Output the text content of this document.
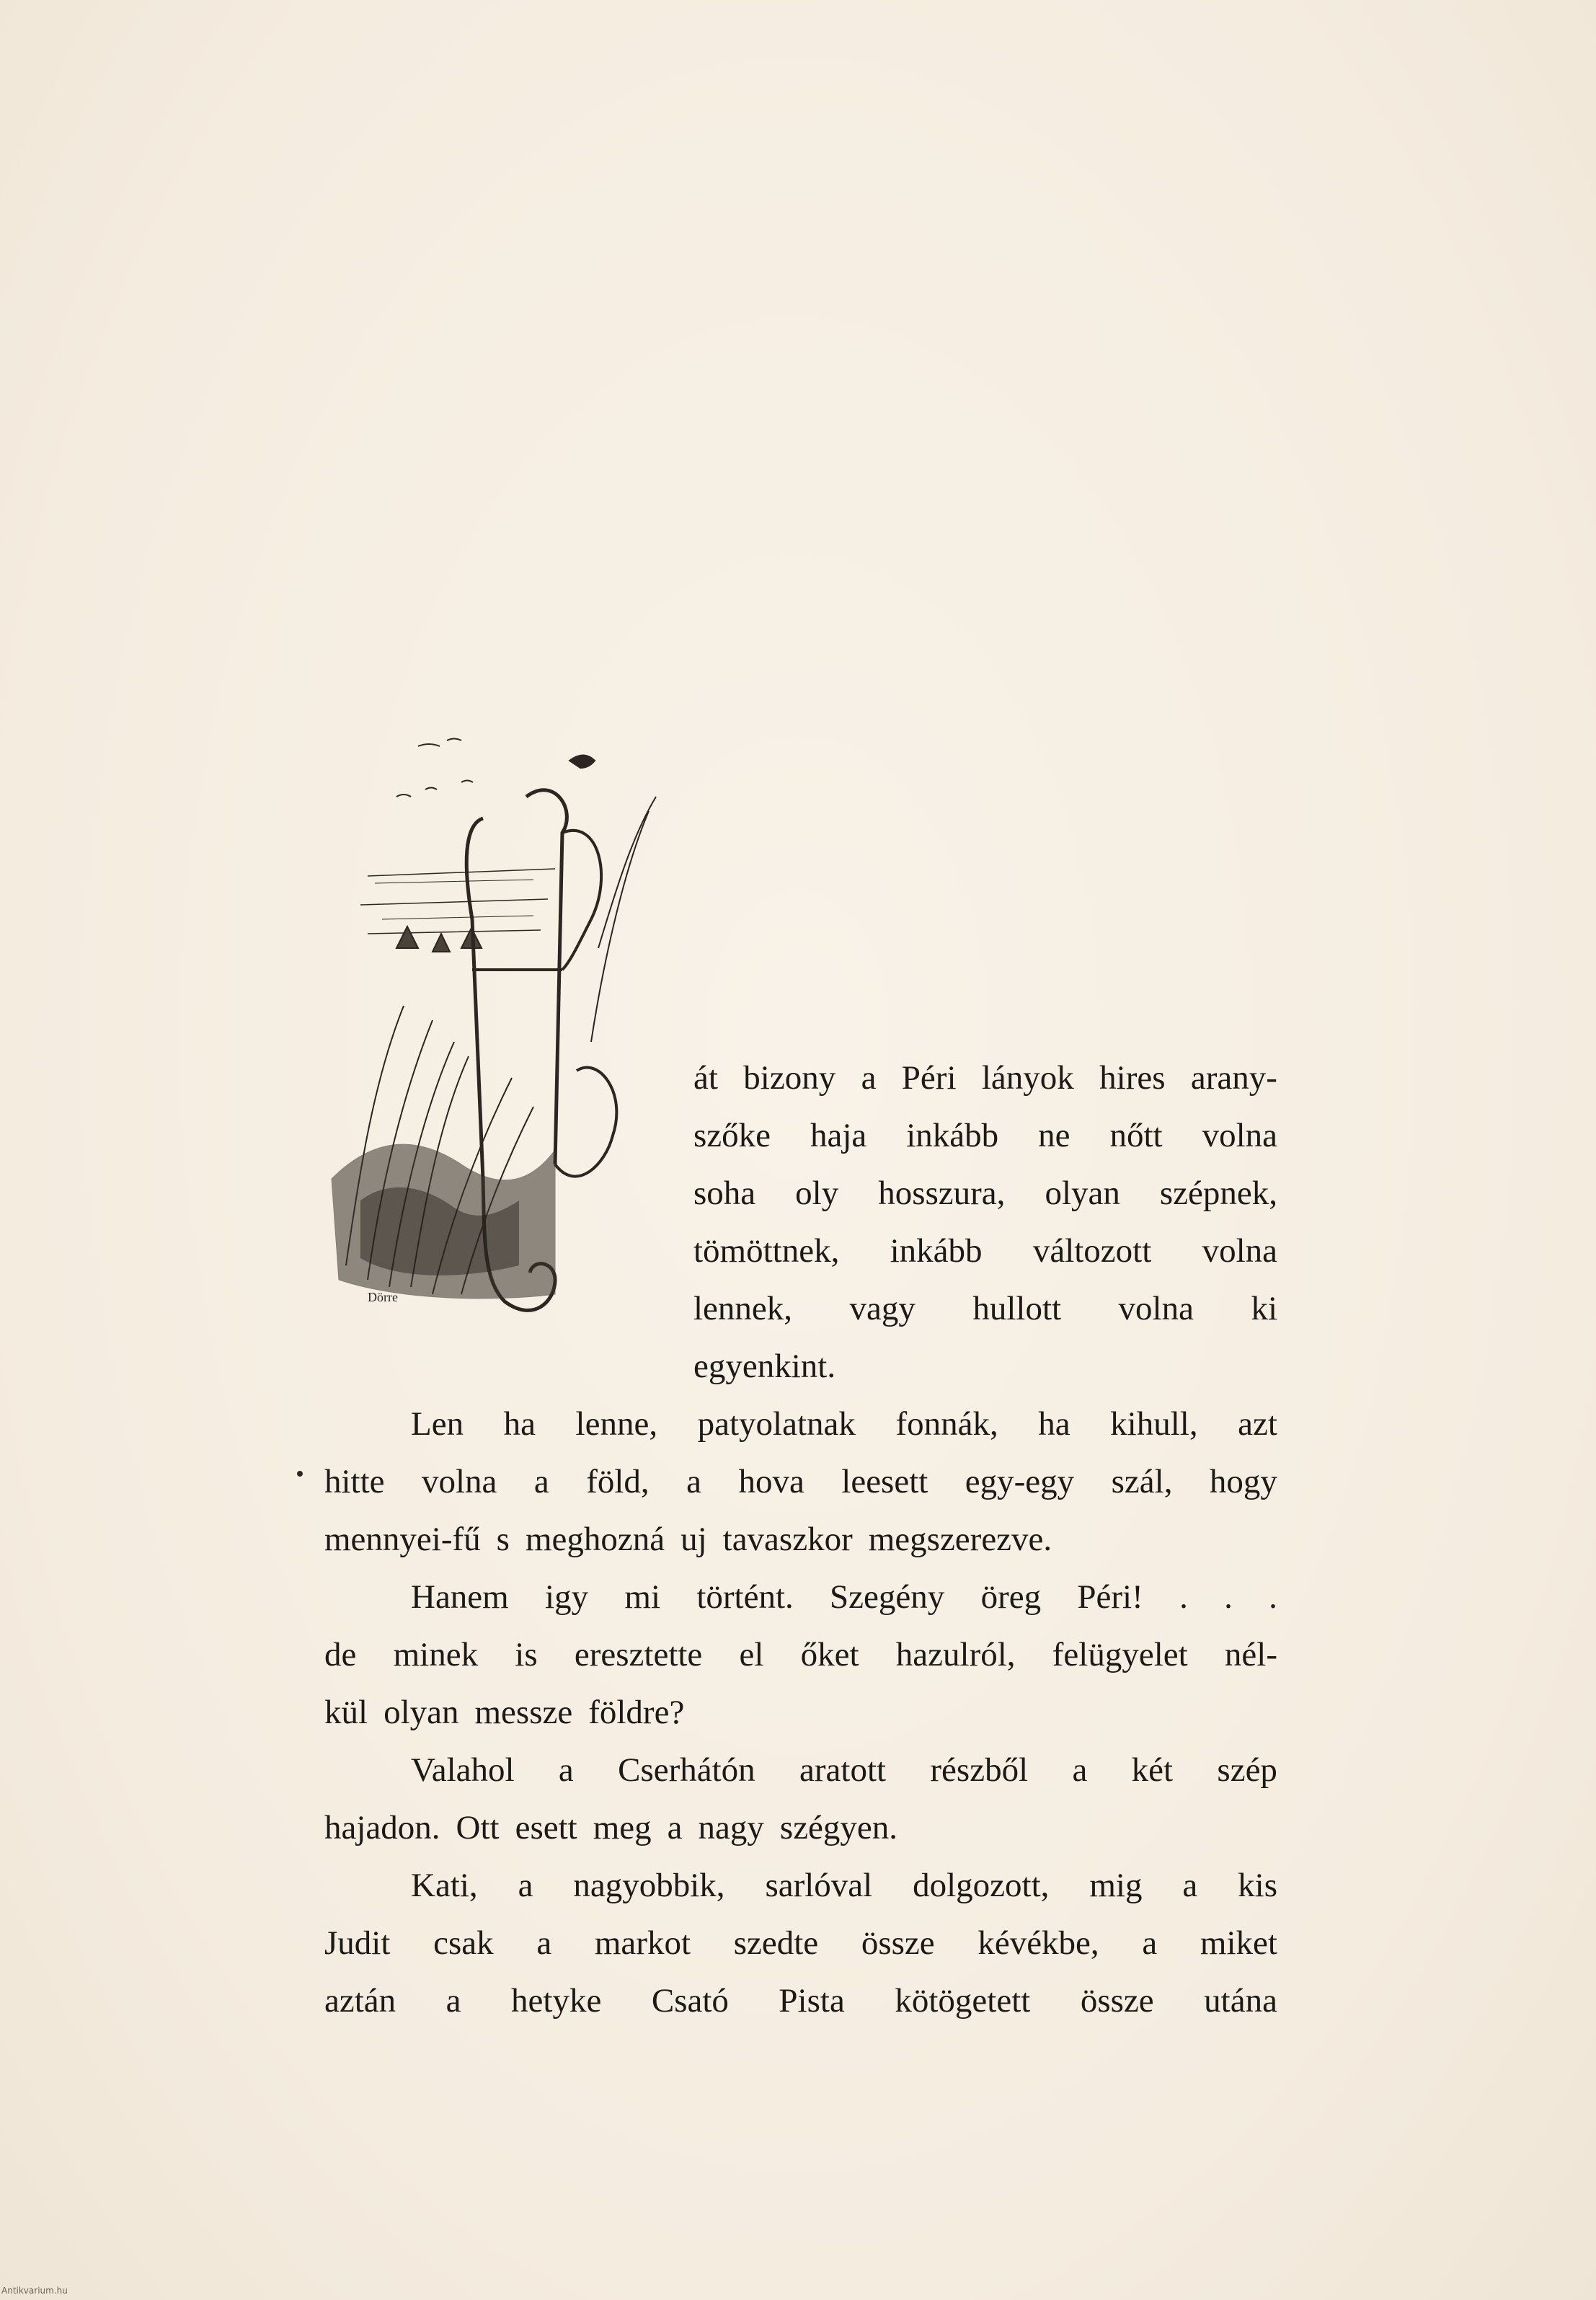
Dörre
át bizony a Péri lányok hires arany-
szőke haja inkább ne nőtt volna
soha oly hosszura, olyan szépnek,
tömöttnek, inkább változott volna
lennek, vagy hullott volna ki
egyenkint.
Len ha lenne, patyolatnak fonnák, ha kihull, azt
hitte volna a föld, a hova leesett egy-egy szál, hogy
mennyei-fű s meghozná uj tavaszkor megszerezve.
Hanem igy mi történt. Szegény öreg Péri! . . .
de minek is eresztette el őket hazulról, felügyelet nél-
kül olyan messze földre?
Valahol a Cserhátón aratott részből a két szép
hajadon. Ott esett meg a nagy szégyen.
Kati, a nagyobbik, sarlóval dolgozott, mig a kis
Judit csak a markot szedte össze kévékbe, a miket
aztán a hetyke Csató Pista kötögetett össze utána
Antikvarium.hu
